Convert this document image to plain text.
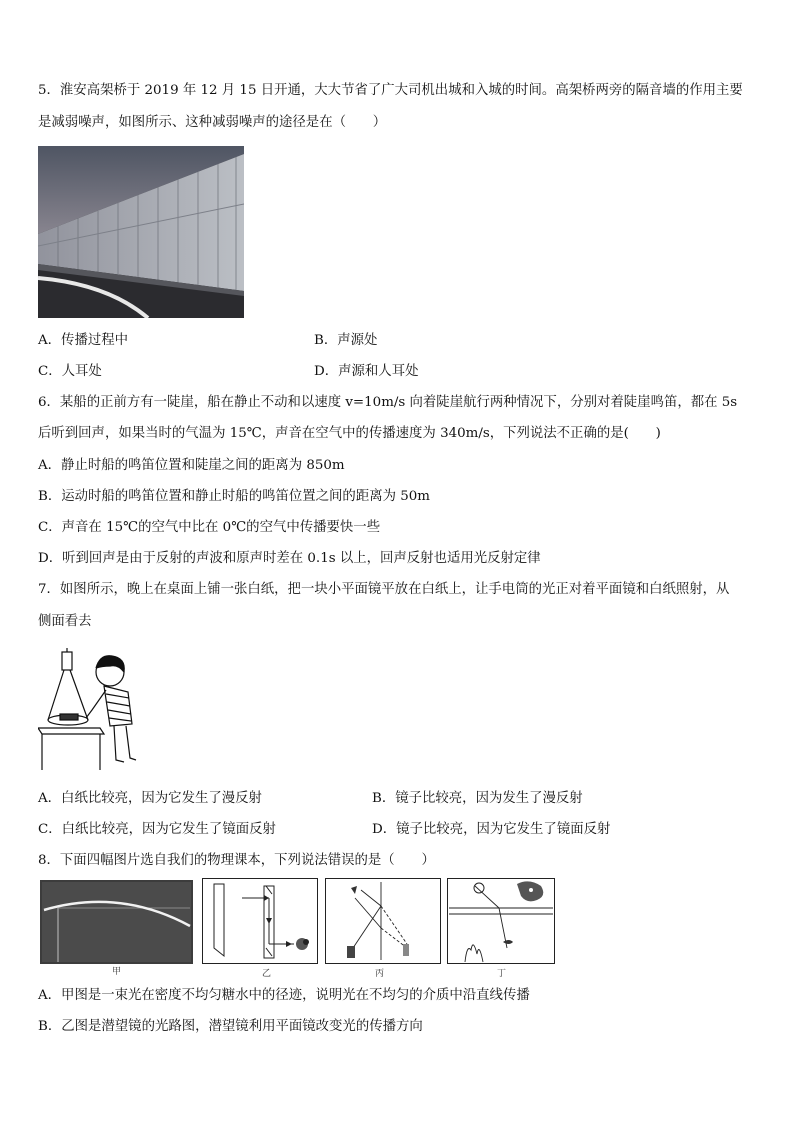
5．淮安高架桥于 2019 年 12 月 15 日开通，大大节省了广大司机出城和入城的时间。高架桥两旁的隔音墙的作用主要
是减弱噪声，如图所示、这种减弱噪声的途径是在（　　）
A．传播过程中	B．声源处
C．人耳处	D．声源和人耳处
6．某船的正前方有一陡崖，船在静止不动和以速度 v=10m/s 向着陡崖航行两种情况下，分别对着陡崖鸣笛，都在 5s
后听到回声，如果当时的气温为 15℃，声音在空气中的传播速度为 340m/s，下列说法不正确的是(　　)
A．静止时船的鸣笛位置和陡崖之间的距离为 850m
B．运动时船的鸣笛位置和静止时船的鸣笛位置之间的距离为 50m
C．声音在 15℃的空气中比在 0℃的空气中传播要快一些
D．听到回声是由于反射的声波和原声时差在 0.1s 以上，回声反射也适用光反射定律
7．如图所示，晚上在桌面上铺一张白纸，把一块小平面镜平放在白纸上，让手电筒的光正对着平面镜和白纸照射，从
侧面看去
A．白纸比较亮，因为它发生了漫反射	B．镜子比较亮，因为发生了漫反射
C．白纸比较亮，因为它发生了镜面反射	D．镜子比较亮，因为它发生了镜面反射
8．下面四幅图片选自我们的物理课本，下列说法错误的是（　　）
甲	乙	丙	丁
A．甲图是一束光在密度不均匀糖水中的径迹，说明光在不均匀的介质中沿直线传播
B．乙图是潜望镜的光路图，潜望镜利用平面镜改变光的传播方向
